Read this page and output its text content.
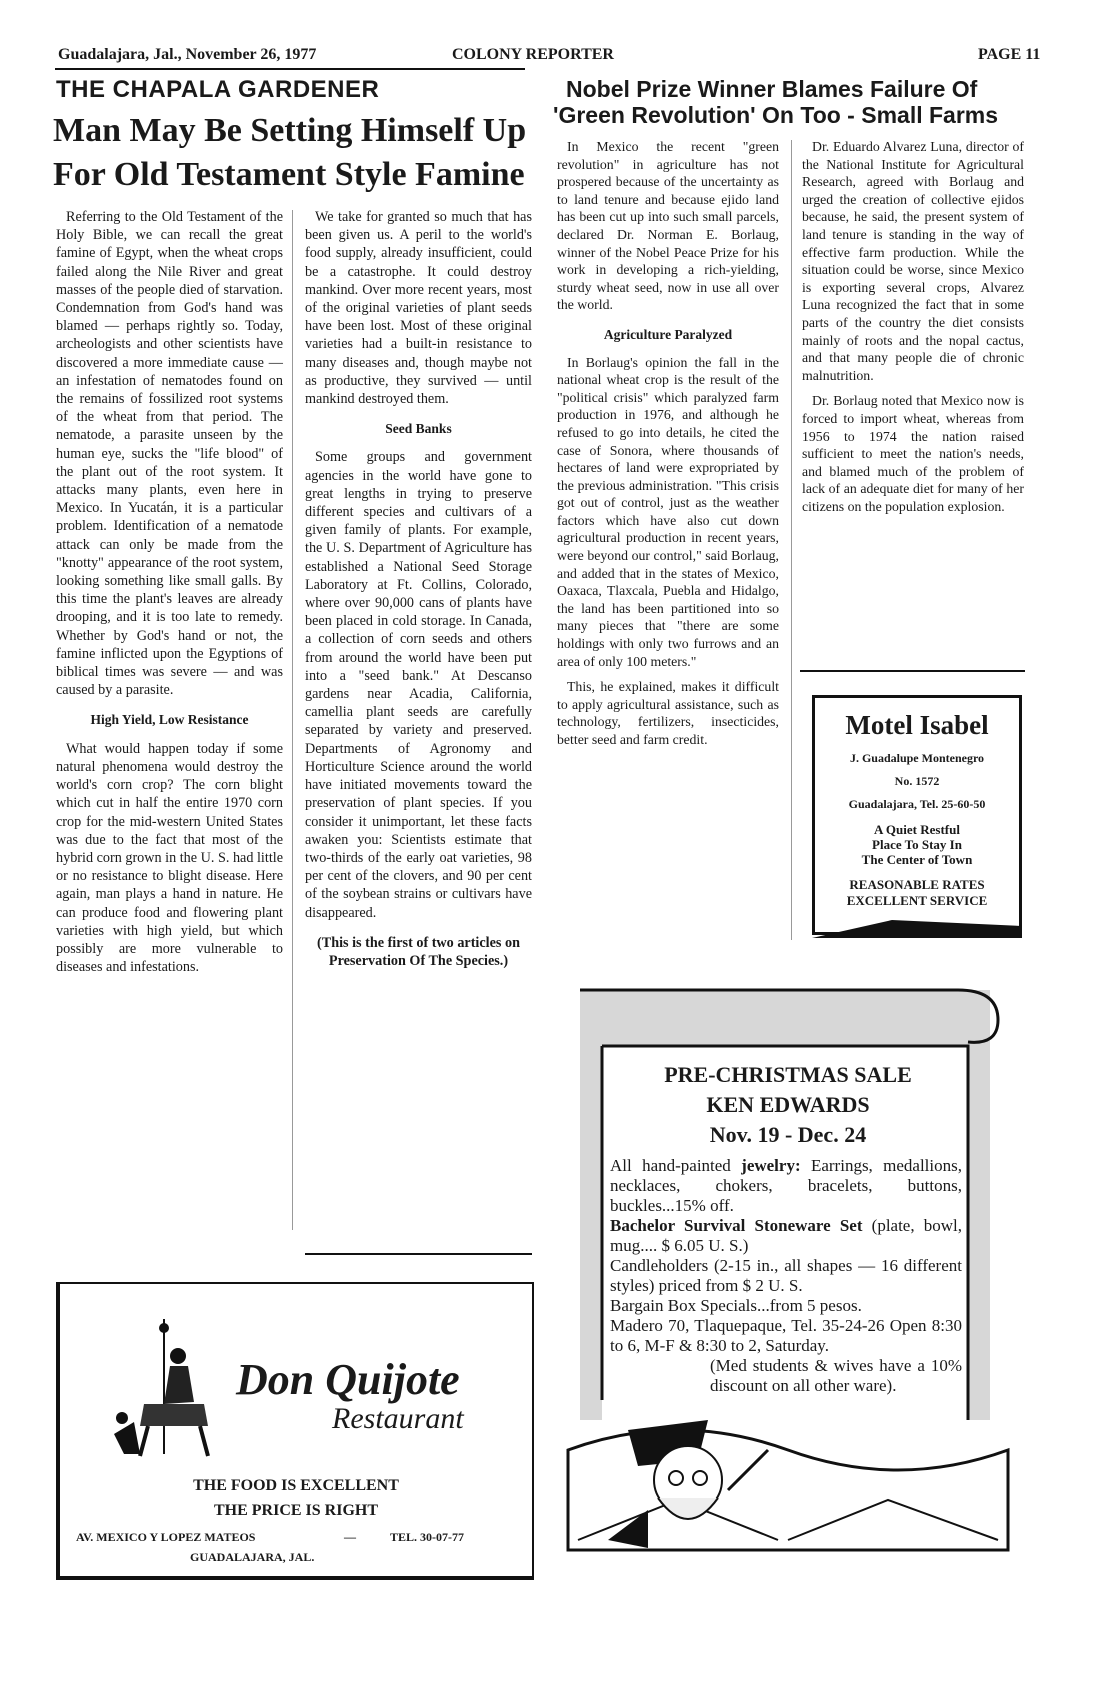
Guadalajara, Jal., November 26, 1977	COLONY REPORTER	PAGE 11
THE CHAPALA GARDENER
Man May Be Setting Himself Up
For Old Testament Style Famine

Referring to the Old Testament of the Holy Bible, we can recall the great famine of Egypt, when the wheat crops failed along the Nile River and great masses of the people died of starvation. Condemnation from God's hand was blamed — perhaps rightly so. Today, archeologists and other scientists have discovered a more immediate cause — an infestation of nematodes found on the remains of fossilized root systems of the wheat from that period. The nematode, a parasite unseen by the human eye, sucks the "life blood" of the plant out of the root system. It attacks many plants, even here in Mexico. In Yucatán, it is a particular problem. Identification of a nematode attack can only be made from the "knotty" appearance of the root system, looking something like small galls. By this time the plant's leaves are already drooping, and it is too late to remedy. Whether by God's hand or not, the famine inflicted upon the Egyptions of biblical times was severe — and was caused by a parasite.

High Yield, Low Resistance

What would happen today if some natural phenomena would destroy the world's corn crop? The corn blight which cut in half the entire 1970 corn crop for the mid-western United States was due to the fact that most of the hybrid corn grown in the U. S. had little or no resistance to blight disease. Here again, man plays a hand in nature. He can produce food and flowering plant varieties with high yield, but which possibly are more vulnerable to diseases and infestations.

We take for granted so much that has been given us. A peril to the world's food supply, already insufficient, could be a catastrophe. It could destroy mankind. Over more recent years, most of the original varieties of plant seeds have been lost. Most of these original varieties had a built-in resistance to many diseases and, though maybe not as productive, they survived — until mankind destroyed them.

Seed Banks

Some groups and government agencies in the world have gone to great lengths in trying to preserve different species and cultivars of a given family of plants. For example, the U. S. Department of Agriculture has established a National Seed Storage Laboratory at Ft. Collins, Colorado, where over 90,000 cans of plants have been placed in cold storage. In Canada, a collection of corn seeds and others from around the world have been put into a "seed bank." At Descanso gardens near Acadia, California, camellia plant seeds are carefully separated by variety and preserved. Departments of Agronomy and Horticulture Science around the world have initiated movements toward the preservation of plant species. If you consider it unimportant, let these facts awaken you: Scientists estimate that two-thirds of the early oat varieties, 98 per cent of the clovers, and 90 per cent of the soybean strains or cultivars have disappeared.

(This is the first of two articles on Preservation Of The Species.)

Nobel Prize Winner Blames Failure Of
'Green Revolution' On Too - Small Farms

In Mexico the recent "green revolution" in agriculture has not prospered because of the uncertainty as to land tenure and because ejido land has been cut up into such small parcels, declared Dr. Norman E. Borlaug, winner of the Nobel Peace Prize for his work in developing a rich-yielding, sturdy wheat seed, now in use all over the world.

Agriculture Paralyzed

In Borlaug's opinion the fall in the national wheat crop is the result of the "political crisis" which paralyzed farm production in 1976, and although he refused to go into details, he cited the case of Sonora, where thousands of hectares of land were expropriated by the previous administration. "This crisis got out of control, just as the weather factors which have also cut down agricultural production in recent years, were beyond our control," said Borlaug, and added that in the states of Mexico, Oaxaca, Tlaxcala, Puebla and Hidalgo, the land has been partitioned into so many pieces that "there are some holdings with only two furrows and an area of only 100 meters."

This, he explained, makes it difficult to apply agricultural assistance, such as technology, fertilizers, insecticides, better seed and farm credit.

Dr. Eduardo Alvarez Luna, director of the National Institute for Agricultural Research, agreed with Borlaug and urged the creation of collective ejidos because, he said, the present system of land tenure is standing in the way of effective farm production. While the situation could be worse, since Mexico is exporting several crops, Alvarez Luna recognized the fact that in some parts of the country the diet consists mainly of roots and the nopal cactus, and that many people die of chronic malnutrition.

Dr. Borlaug noted that Mexico now is forced to import wheat, whereas from 1956 to 1974 the nation raised sufficient to meet the nation's needs, and blamed much of the problem of lack of an adequate diet for many of her citizens on the population explosion.

Motel Isabel
J. Guadalupe Montenegro
No. 1572
Guadalajara, Tel. 25-60-50
A Quiet Restful
Place To Stay In
The Center of Town
REASONABLE RATES
EXCELLENT SERVICE
Don Quijote
Restaurant
THE FOOD IS EXCELLENT
THE PRICE IS RIGHT
AV. MEXICO Y LOPEZ MATEOS	—	TEL. 30-07-77
GUADALAJARA, JAL.
PRE-CHRISTMAS SALE
KEN EDWARDS
Nov. 19 - Dec. 24
All hand-painted jewelry: Earrings, medallions, necklaces, chokers, bracelets, buttons, buckles...15% off.
Bachelor Survival Stoneware Set (plate, bowl, mug.... $ 6.05 U. S.)
Candleholders (2-15 in., all shapes — 16 different styles) priced from $ 2 U. S.
Bargain Box Specials...from 5 pesos.
Madero 70, Tlaquepaque, Tel. 35-24-26 Open 8:30 to 6, M-F & 8:30 to 2, Saturday.
(Med students & wives have a 10% discount on all other ware).
